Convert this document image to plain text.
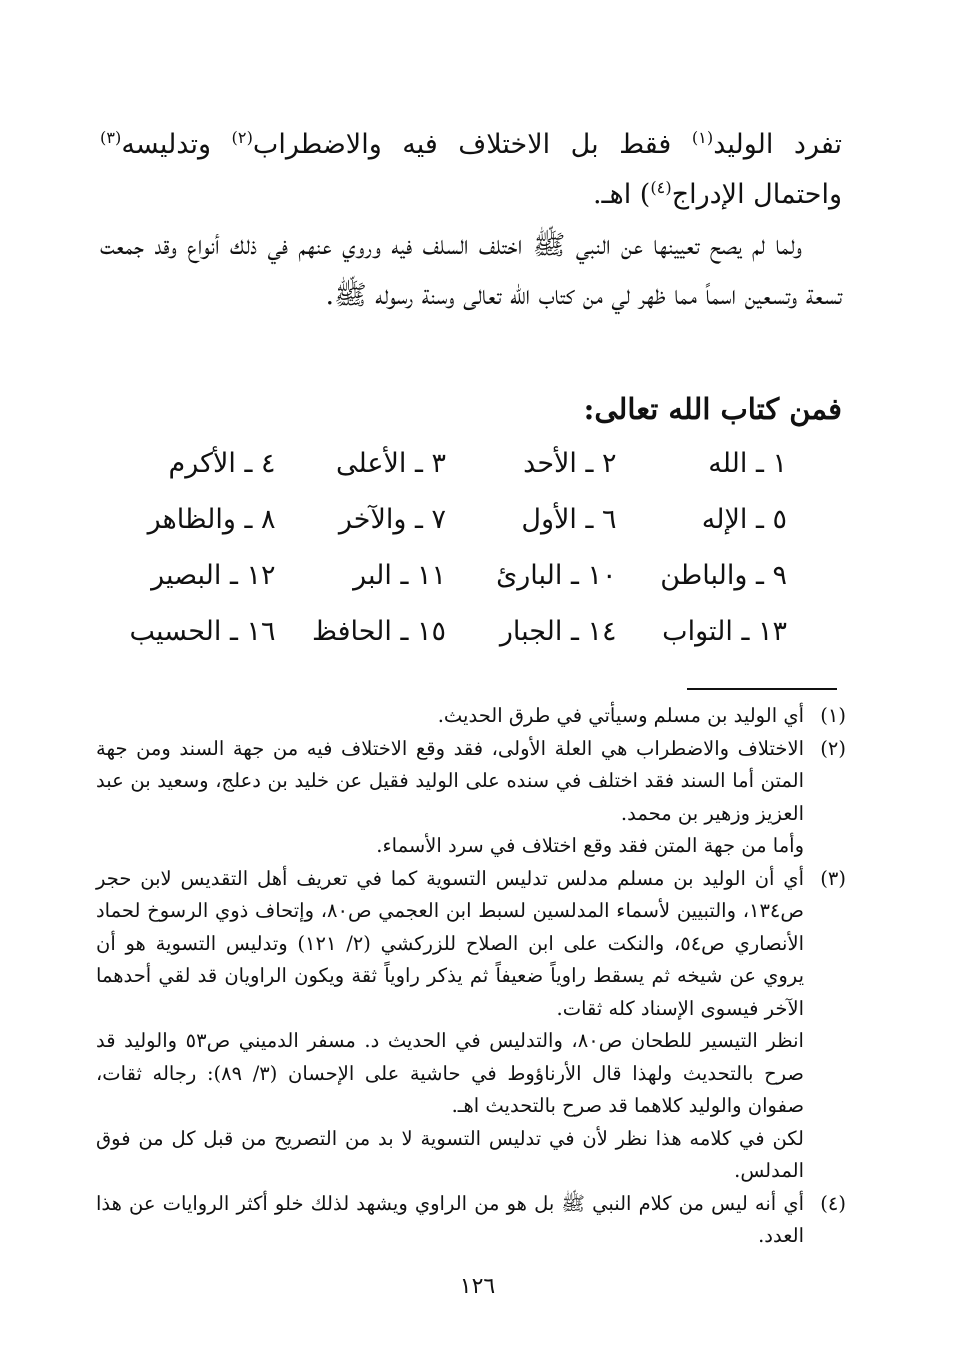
تفرد الوليد$^{(١)}$ فقط بل الاختلاف فيه والاضطراب$^{(٢)}$ وتدليسه$^{(٣)}$ واحتمال الإدراج$^{(٤)}$) اهـ.
ولما لم يصح تعيينها عن النبي ﷺ اختلف السلف فيه وروي عنهم في ذلك أنواع وقد جمعت تسعة وتسعين اسماً مما ظهر لي من كتاب الله تعالى وسنة رسوله ﷺ.
فمن كتاب الله تعالى:
١ ـ الله
٢ ـ الأحد
٣ ـ الأعلى
٤ ـ الأكرم
٥ ـ الإله
٦ ـ الأول
٧ ـ والآخر
٨ ـ والظاهر
٩ ـ والباطن
١٠ ـ البارئ
١١ ـ البر
١٢ ـ البصير
١٣ ـ التواب
١٤ ـ الجبار
١٥ ـ الحافظ
١٦ ـ الحسيب
(١)

أي الوليد بن مسلم وسيأتي في طرق الحديث.

(٢)

الاختلاف والاضطراب هي العلة الأولى، فقد وقع الاختلاف فيه من جهة السند ومن جهة المتن أما السند فقد اختلف في سنده على الوليد فقيل عن خليد بن دعلج، وسعيد بن عبد العزيز وزهير بن محمد.

وأما من جهة المتن فقد وقع اختلاف في سرد الأسماء.

(٣)

أي أن الوليد بن مسلم مدلس تدليس التسوية كما في تعريف أهل التقديس لابن حجر ص١٣٤، والتبيين لأسماء المدلسين لسبط ابن العجمي ص٨٠، وإتحاف ذوي الرسوخ لحماد الأنصاري ص٥٤، والنكت على ابن الصلاح للزركشي (٢/ ١٢١) وتدليس التسوية هو أن يروي عن شيخه ثم يسقط راوياً ضعيفاً ثم يذكر راوياً ثقة ويكون الراويان قد لقي أحدهما الآخر فيسوى الإسناد كله ثقات.

انظر التيسير للطحان ص٨٠، والتدليس في الحديث د. مسفر الدميني ص٥٣ والوليد قد صرح بالتحديث ولهذا قال الأرناؤوط في حاشية على الإحسان (٣/ ٨٩): رجاله ثقات، صفوان والوليد كلاهما قد صرح بالتحديث اهـ.

لكن في كلامه هذا نظر لأن في تدليس التسوية لا بد من التصريح من قبل كل من فوق المدلس.

(٤)

أي أنه ليس من كلام النبي ﷺ بل هو من الراوي ويشهد لذلك خلو أكثر الروايات عن هذا العدد.

١٢٦
